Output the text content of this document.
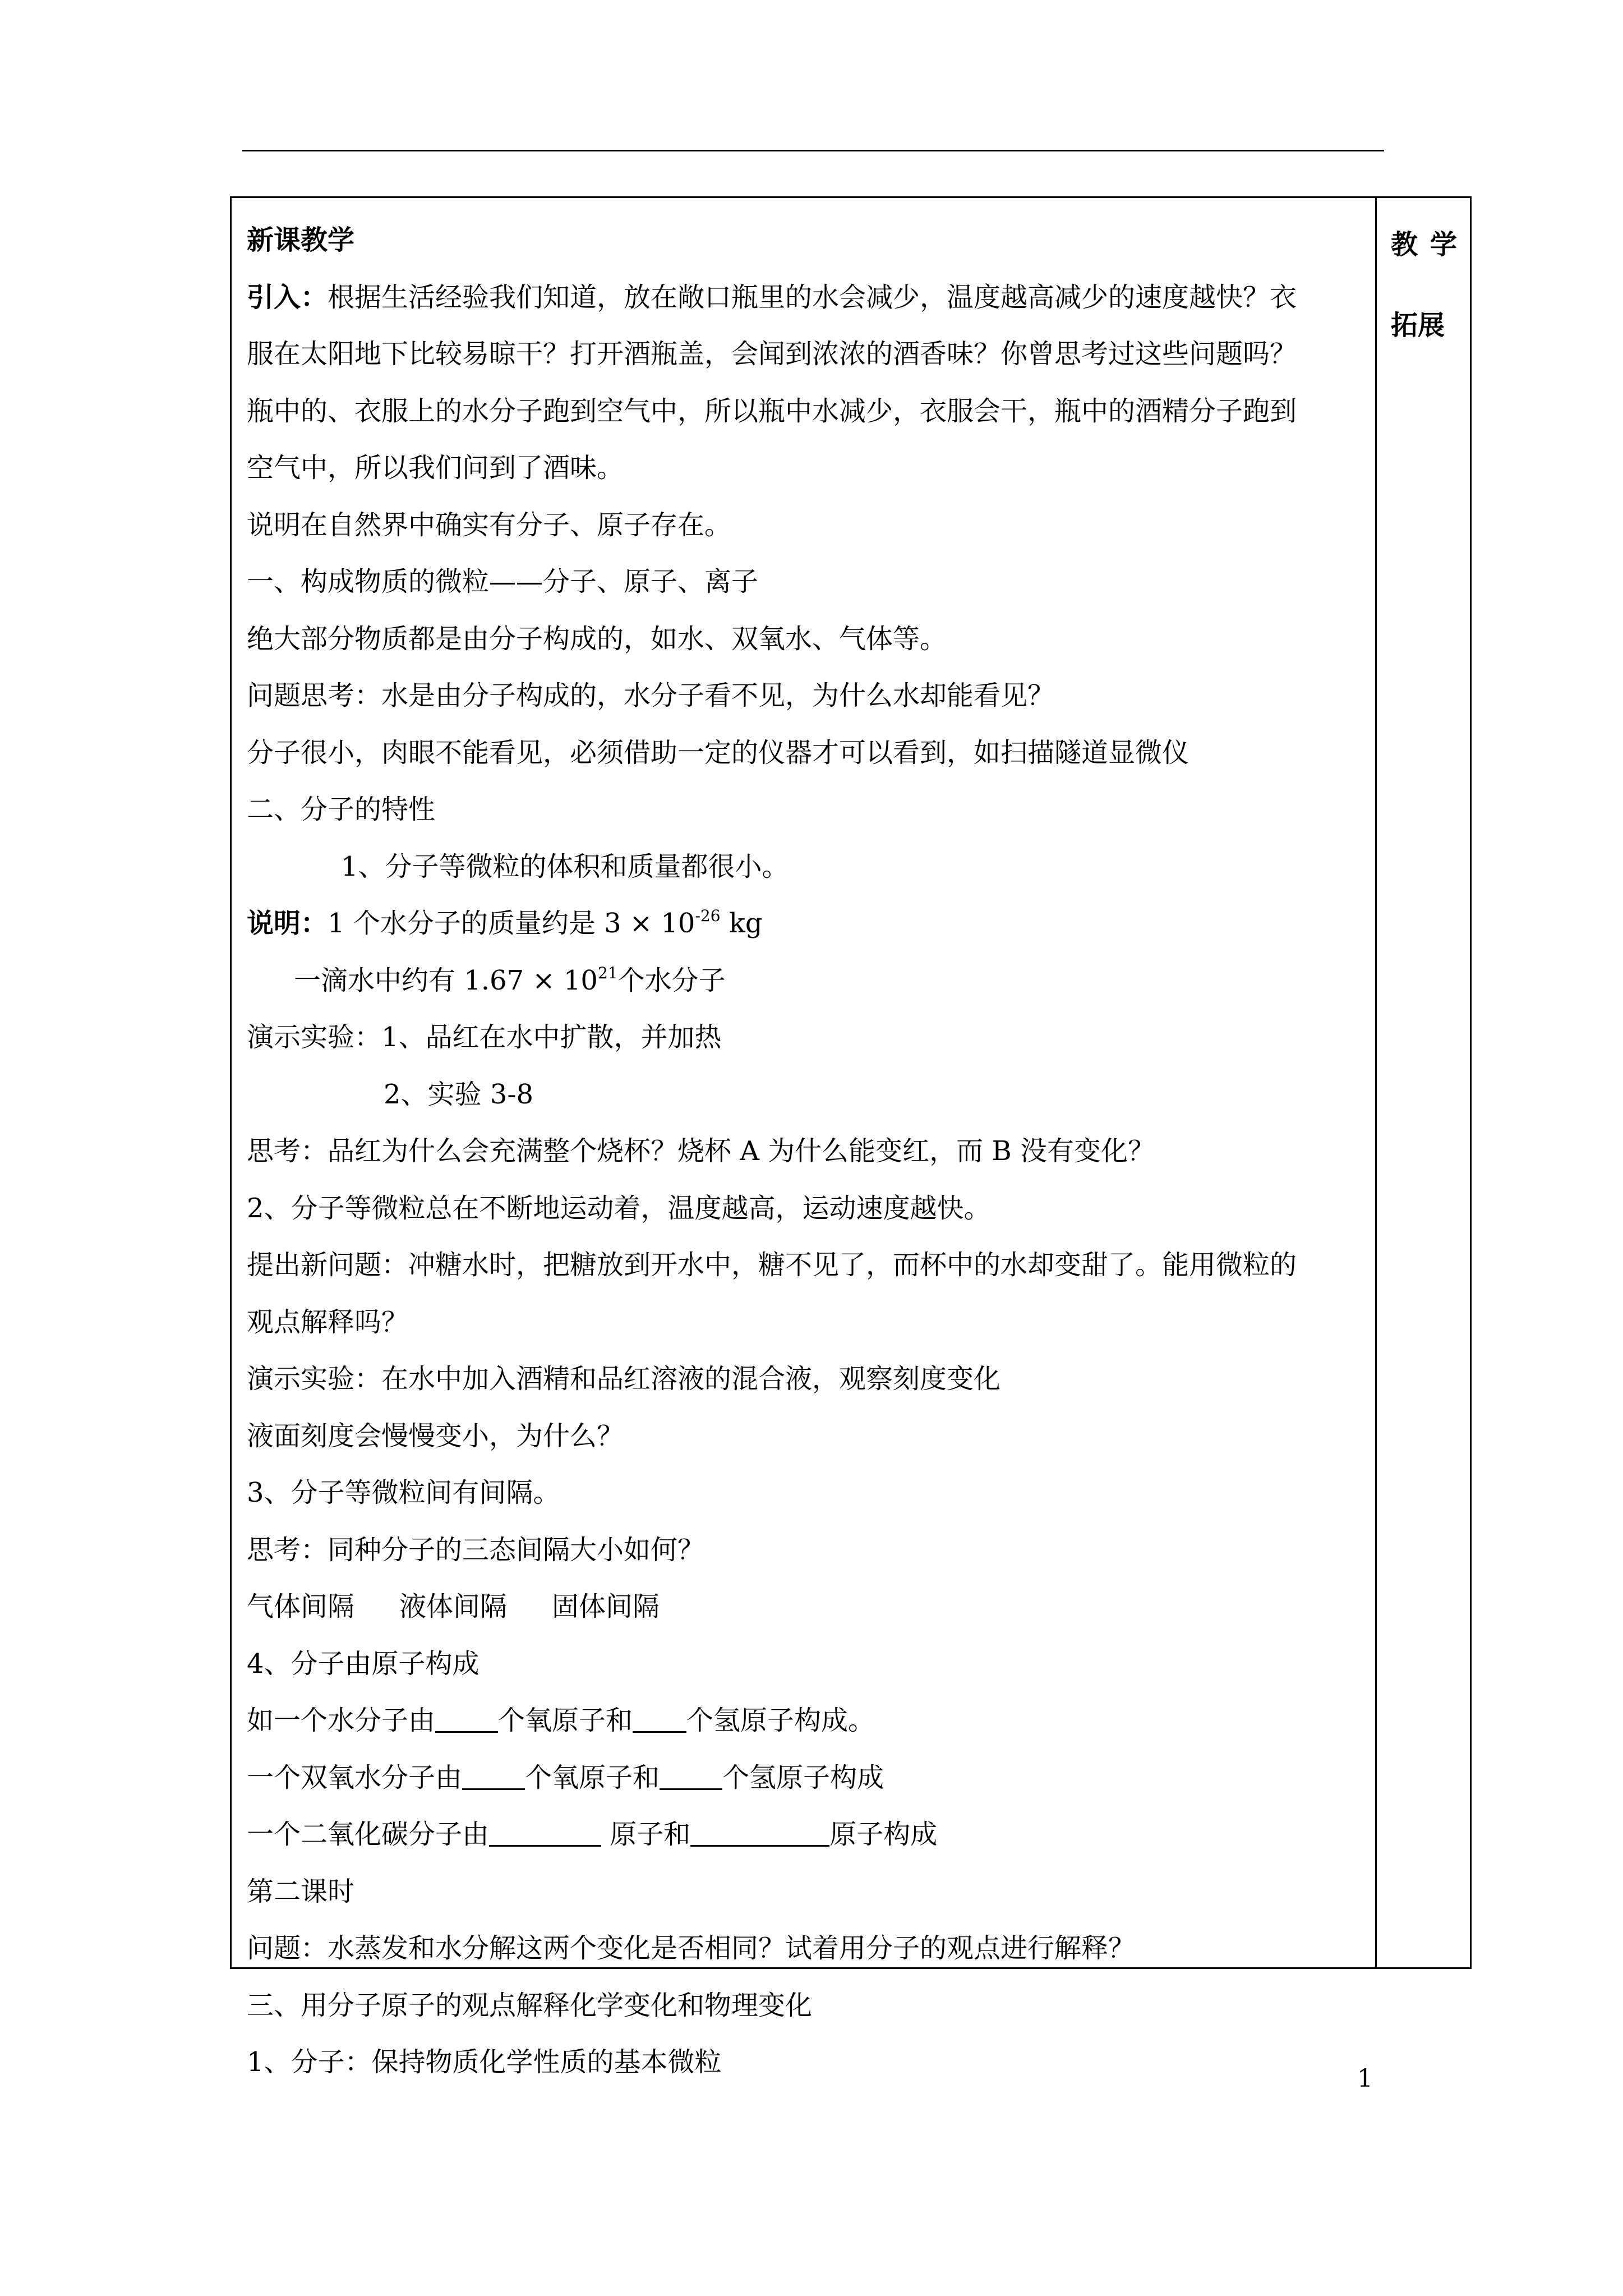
新课教学
引入：根据生活经验我们知道，放在敞口瓶里的水会减少，温度越高减少的速度越快？衣
服在太阳地下比较易晾干？打开酒瓶盖，会闻到浓浓的酒香味？你曾思考过这些问题吗？
瓶中的、衣服上的水分子跑到空气中，所以瓶中水减少，衣服会干，瓶中的酒精分子跑到
空气中，所以我们问到了酒味。
说明在自然界中确实有分子、原子存在。
一、构成物质的微粒——分子、原子、离子
绝大部分物质都是由分子构成的，如水、双氧水、气体等。
问题思考：水是由分子构成的，水分子看不见，为什么水却能看见？
分子很小，肉眼不能看见，必须借助一定的仪器才可以看到，如扫描隧道显微仪
二、分子的特性
1、分子等微粒的体积和质量都很小。
说明：1 个水分子的质量约是 $3 \times 10^{-26}$ kg
一滴水中约有 $1.67 \times 10^{21}$个水分子
演示实验：1、品红在水中扩散，并加热
2、实验 3-8
思考：品红为什么会充满整个烧杯？烧杯 A 为什么能变红，而 B 没有变化？
2、分子等微粒总在不断地运动着，温度越高，运动速度越快。
提出新问题：冲糖水时，把糖放到开水中，糖不见了，而杯中的水却变甜了。能用微粒的
观点解释吗？
演示实验：在水中加入酒精和品红溶液的混合液，观察刻度变化
液面刻度会慢慢变小，为什么？
3、分子等微粒间有间隔。
思考：同种分子的三态间隔大小如何？
气体间隔 液体间隔 固体间隔
4、分子由原子构成
如一个水分子由 个氧原子和 个氢原子构成。
一个双氧水分子由 个氧原子和 个氢原子构成
一个二氧化碳分子由	原子和	原子构成
第二课时
问题：水蒸发和水分解这两个变化是否相同？试着用分子的观点进行解释？
三、用分子原子的观点解释化学变化和物理变化
1、分子：保持物质化学性质的基本微粒
教学
拓展
1
